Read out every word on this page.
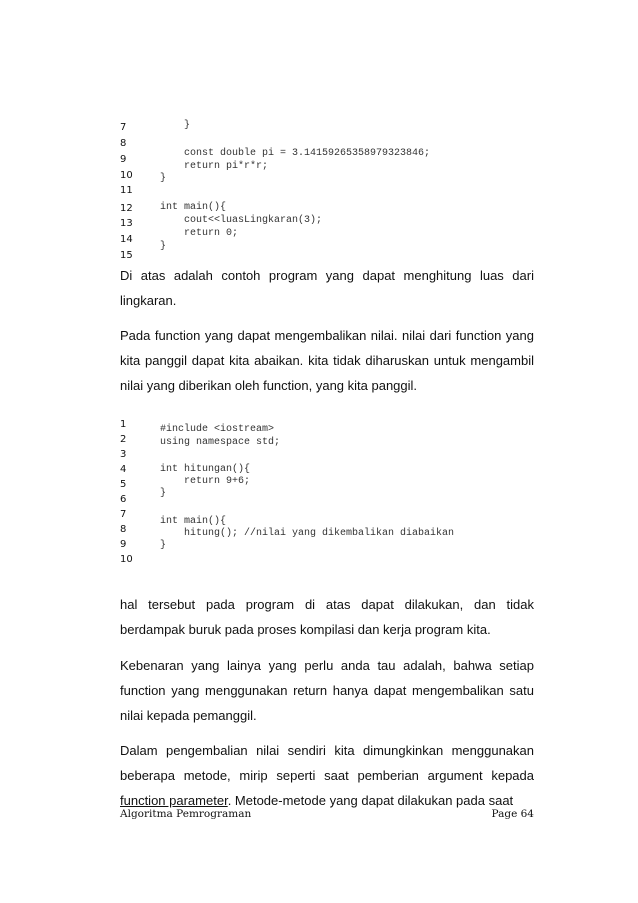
7
8
9
10
11
12
13
14
15
}
const double pi = 3.14159265358979323846;
return pi*r*r;
}
int main(){
cout<<luasLingkaran(3);
return 0;
}
Di atas adalah contoh program yang dapat menghitung luas dari lingkaran.
Pada function yang dapat mengembalikan nilai. nilai dari function yang kita panggil dapat kita abaikan. kita tidak diharuskan untuk mengambil nilai yang diberikan oleh function, yang kita panggil.
1
2
3
4
5
6
7
8
9
10
#include <iostream>
using namespace std;
int hitungan(){
return 9+6;
}
int main(){
hitung(); //nilai yang dikembalikan diabaikan
}
hal tersebut pada program di atas dapat dilakukan, dan tidak berdampak buruk pada proses kompilasi dan kerja program kita.
Kebenaran yang lainya yang perlu anda tau adalah, bahwa setiap function yang menggunakan return hanya dapat mengembalikan satu nilai kepada pemanggil.
Dalam pengembalian nilai sendiri kita dimungkinkan menggunakan beberapa metode, mirip seperti saat pemberian argument kepada function parameter. Metode-metode yang dapat dilakukan pada saat
Algoritma Pemrograman	Page 64
